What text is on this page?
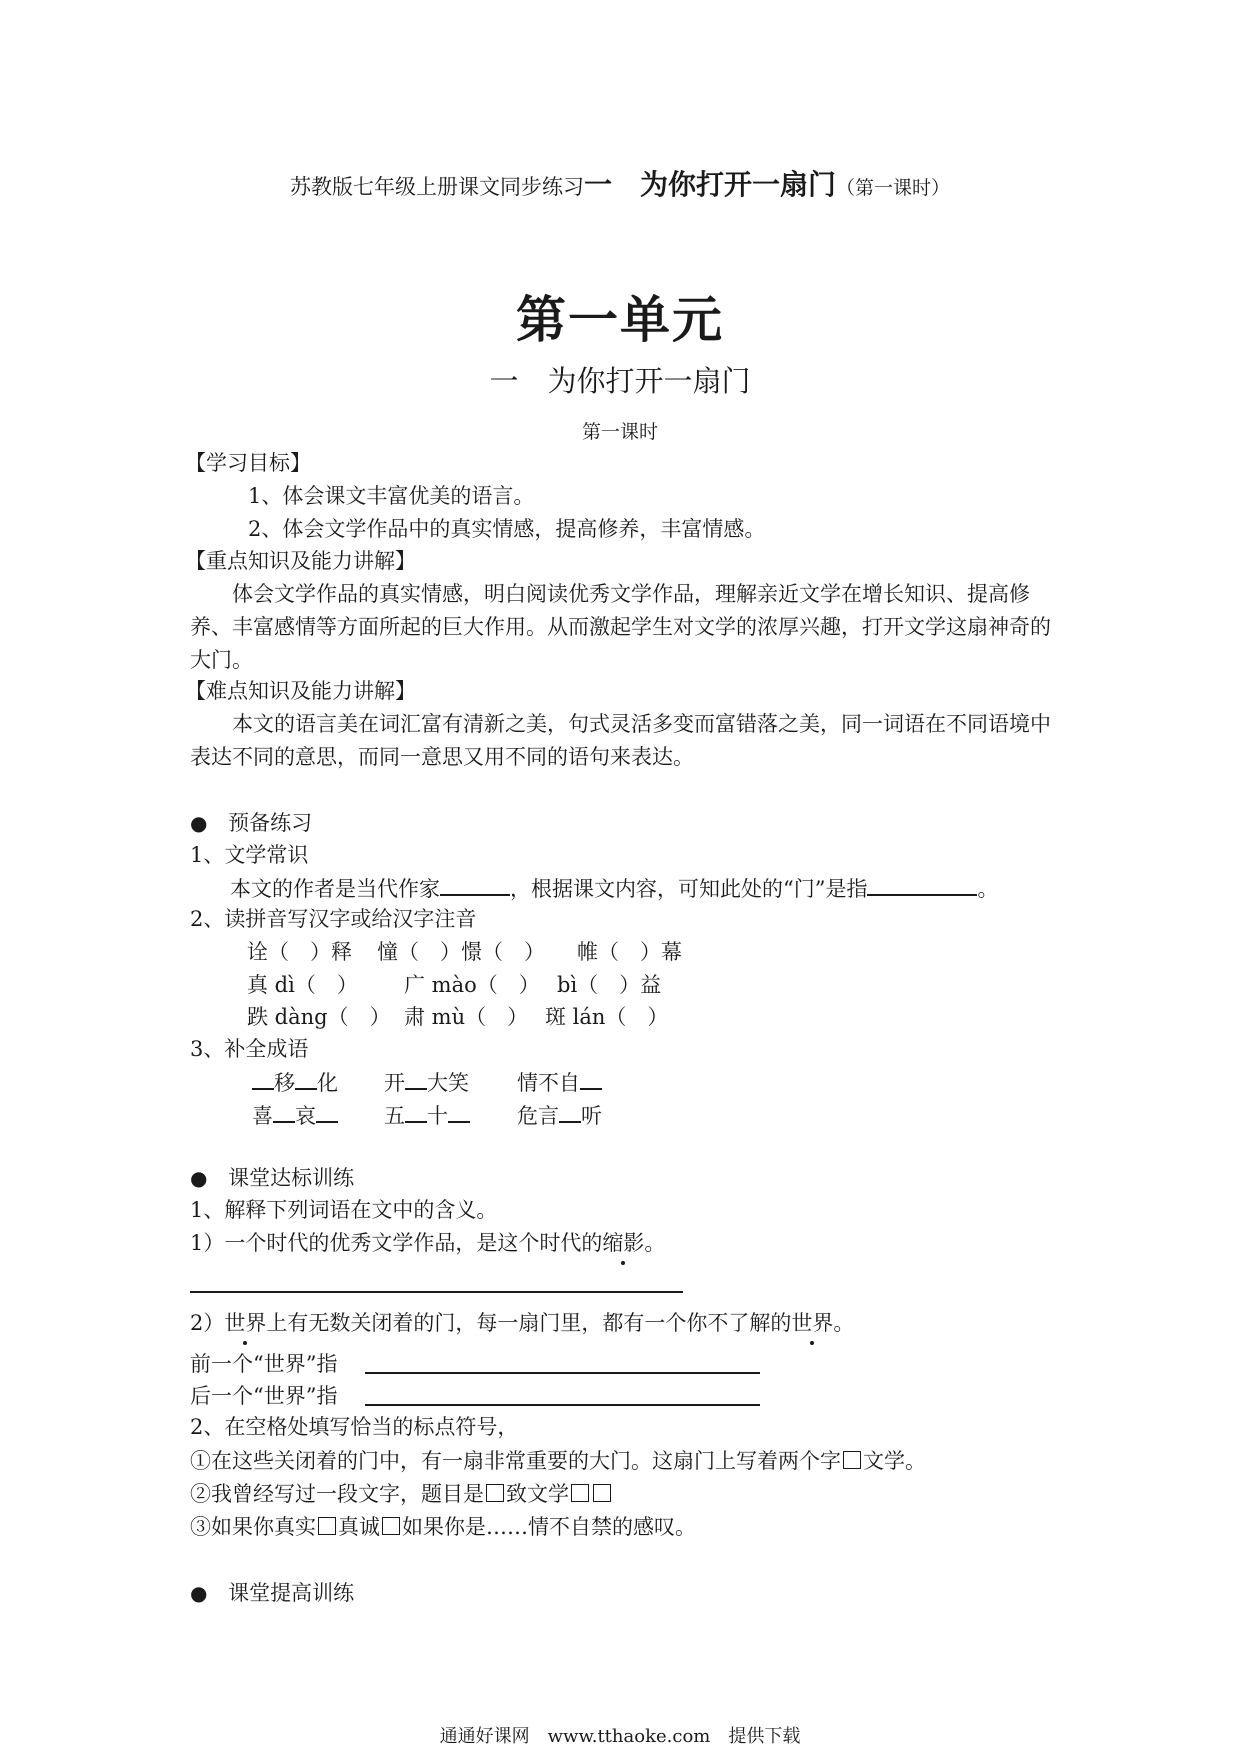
苏教版七年级上册课文同步练习一　为你打开一扇门（第一课时）
第一单元
一　为你打开一扇门
第一课时
【学习目标】
1、体会课文丰富优美的语言。
2、体会文学作品中的真实情感，提高修养，丰富情感。
【重点知识及能力讲解】
体会文学作品的真实情感，明白阅读优秀文学作品，理解亲近文学在增长知识、提高修养、丰富感情等方面所起的巨大作用。从而激起学生对文学的浓厚兴趣，打开文学这扇神奇的大门。
【难点知识及能力讲解】
本文的语言美在词汇富有清新之美，句式灵活多变而富错落之美，同一词语在不同语境中表达不同的意思，而同一意思又用不同的语句来表达。
● 预备练习
1、文学常识
本文的作者是当代作家	，根据课文内容，可知此处的“门”是指	。
2、读拼音写汉字或给汉字注音
诠（　）释 憧（　）憬（　） 帷（　）幕
真 dì（　） 广 mào（　） bì（　）益
跌 dàng（　） 肃 mù（　） 斑 lán（　）
3、补全成语
移 化 开 大笑 情不自
喜 哀	五 十	危言 听
● 课堂达标训练
1、解释下列词语在文中的含义。
1）一个时代的优秀文学作品，是这个时代的缩影。
2）世界上有无数关闭着的门，每一扇门里，都有一个你不了解的世界。
前一个“世界”指
后一个“世界”指
2、在空格处填写恰当的标点符号，
①在这些关闭着的门中，有一扇非常重要的大门。这扇门上写着两个字 文学。
②我曾经写过一段文字，题目是 致文学
③如果你真实 真诚 如果你是……情不自禁的感叹。
● 课堂提高训练
通通好课网　www.tthaoke.com　提供下载
